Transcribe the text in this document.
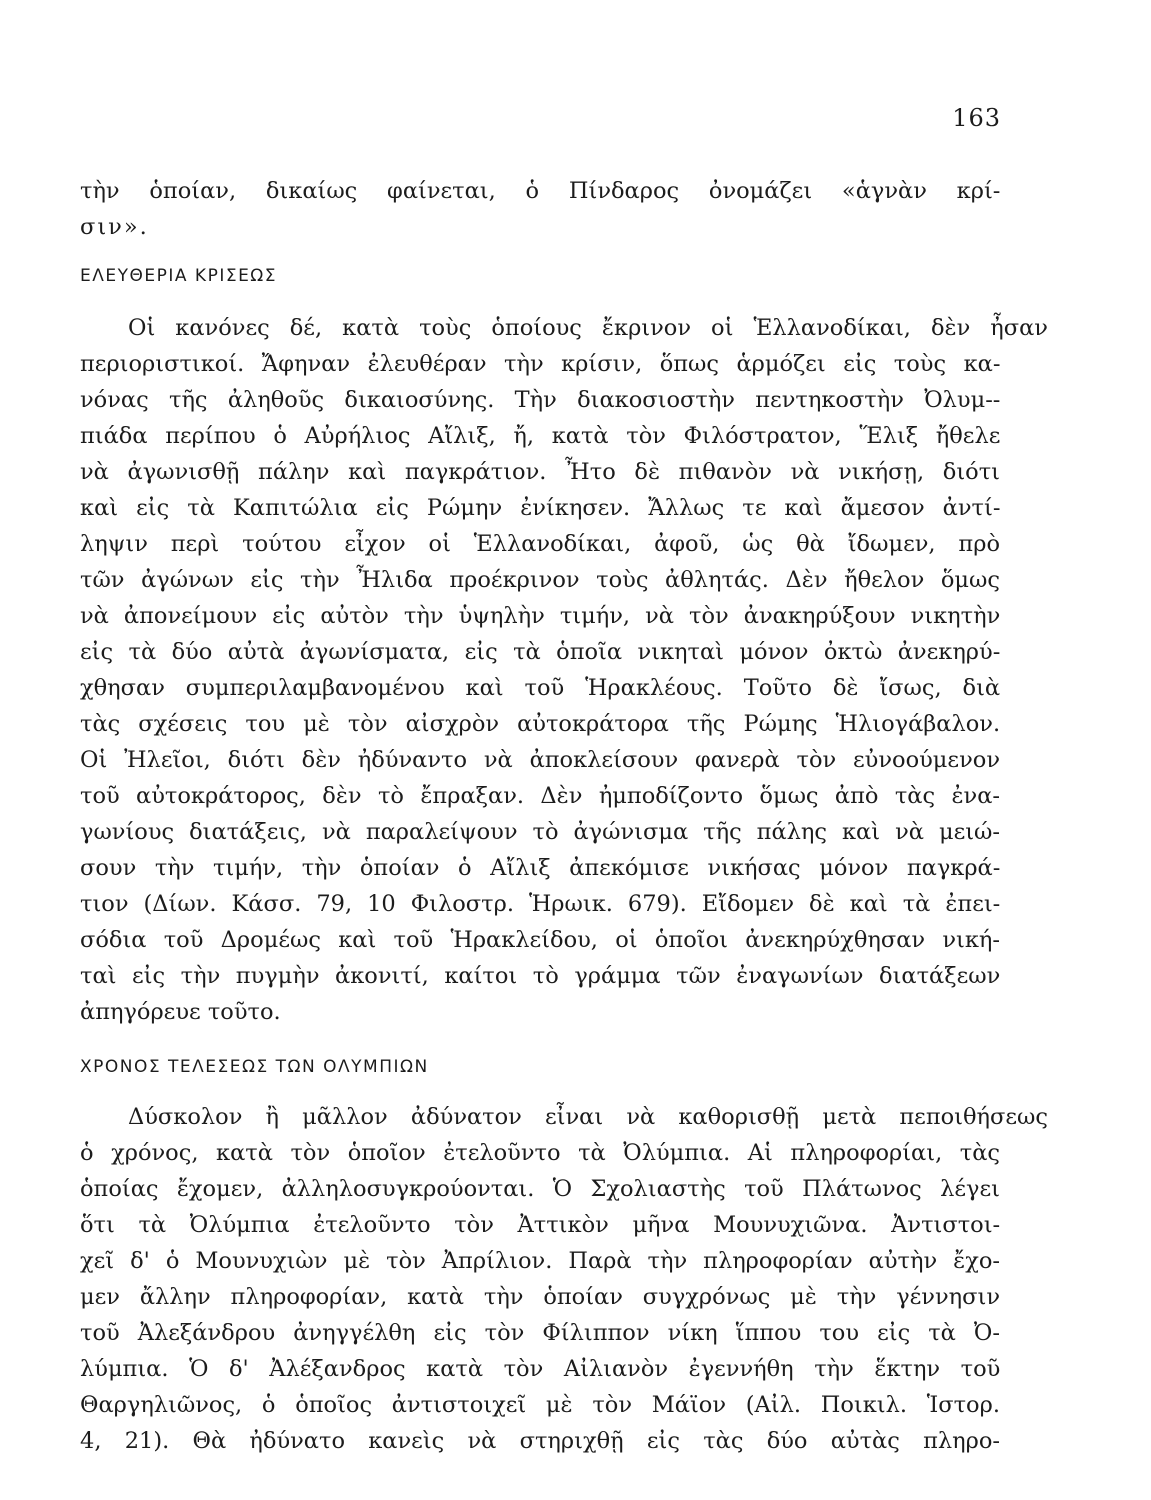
163
τὴν ὁποίαν, δικαίως φαίνεται, ὁ Πίνδαρος ὀνομάζει «ἁγνὰν κρί-
σιν».
ΕΛΕΥΘΕΡΙΑ ΚΡΙΣΕΩΣ
Οἱ κανόνες δέ, κατὰ τοὺς ὁποίους ἔκρινον οἱ Ἑλλανοδίκαι, δὲν ἦσαν
περιοριστικοί. Ἄφηναν ἐλευθέραν τὴν κρίσιν, ὅπως ἁρμόζει εἰς τοὺς κα-
νόνας τῆς ἀληθοῦς δικαιοσύνης. Τὴν διακοσιοστὴν πεντηκοστὴν Ὀλυμ--
πιάδα περίπου ὁ Αὐρήλιος Αἴλιξ, ἤ, κατὰ τὸν Φιλόστρατον, Ἕλιξ ἤθελε
νὰ ἀγωνισθῇ πάλην καὶ παγκράτιον. Ἦτο δὲ πιθανὸν νὰ νικήσῃ, διότι
καὶ εἰς τὰ Καπιτώλια εἰς Ρώμην ἐνίκησεν. Ἄλλως τε καὶ ἄμεσον ἀντί-
ληψιν περὶ τούτου εἶχον οἱ Ἑλλανοδίκαι, ἀφοῦ, ὡς θὰ ἴδωμεν, πρὸ
τῶν ἀγώνων εἰς τὴν Ἦλιδα προέκρινον τοὺς ἀθλητάς. Δὲν ἤθελον ὅμως
νὰ ἀπονείμουν εἰς αὐτὸν τὴν ὑψηλὴν τιμήν, νὰ τὸν ἀνακηρύξουν νικητὴν
εἰς τὰ δύο αὐτὰ ἀγωνίσματα, εἰς τὰ ὁποῖα νικηταὶ μόνον ὀκτὼ ἀνεκηρύ-
χθησαν συμπεριλαμβανομένου καὶ τοῦ Ἡρακλέους. Τοῦτο δὲ ἴσως, διὰ
τὰς σχέσεις του μὲ τὸν αἰσχρὸν αὐτοκράτορα τῆς Ρώμης Ἡλιογάβαλον.
Οἱ Ἠλεῖοι, διότι δὲν ἠδύναντο νὰ ἀποκλείσουν φανερὰ τὸν εὐνοούμενον
τοῦ αὐτοκράτορος, δὲν τὸ ἔπραξαν. Δὲν ἠμποδίζοντο ὅμως ἀπὸ τὰς ἐνα-
γωνίους διατάξεις, νὰ παραλείψουν τὸ ἀγώνισμα τῆς πάλης καὶ νὰ μειώ-
σουν τὴν τιμήν, τὴν ὁποίαν ὁ Αἴλιξ ἀπεκόμισε νικήσας μόνον παγκρά-
τιον (Δίων. Κάσσ. 79, 10 Φιλοστρ. Ἡρωικ. 679). Εἴδομεν δὲ καὶ τὰ ἐπει-
σόδια τοῦ Δρομέως καὶ τοῦ Ἡρακλείδου, οἱ ὁποῖοι ἀνεκηρύχθησαν νική-
ταὶ εἰς τὴν πυγμὴν ἀκονιτί, καίτοι τὸ γράμμα τῶν ἐναγωνίων διατάξεων
ἀπηγόρευε τοῦτο.
ΧΡΟΝΟΣ ΤΕΛΕΣΕΩΣ ΤΩΝ ΟΛΥΜΠΙΩΝ
Δύσκολον ἢ μᾶλλον ἀδύνατον εἶναι νὰ καθορισθῇ μετὰ πεποιθήσεως
ὁ χρόνος, κατὰ τὸν ὁποῖον ἐτελοῦντο τὰ Ὀλύμπια. Αἱ πληροφορίαι, τὰς
ὁποίας ἔχομεν, ἀλληλοσυγκρούονται. Ὁ Σχολιαστὴς τοῦ Πλάτωνος λέγει
ὅτι τὰ Ὀλύμπια ἐτελοῦντο τὸν Ἀττικὸν μῆνα Μουνυχιῶνα. Ἀντιστοι-
χεῖ δ' ὁ Μουνυχιὼν μὲ τὸν Ἀπρίλιον. Παρὰ τὴν πληροφορίαν αὐτὴν ἔχο-
μεν ἄλλην πληροφορίαν, κατὰ τὴν ὁποίαν συγχρόνως μὲ τὴν γέννησιν
τοῦ Ἀλεξάνδρου ἀνηγγέλθη εἰς τὸν Φίλιππον νίκη ἵππου του εἰς τὰ Ὀ-
λύμπια. Ὁ δ' Ἀλέξανδρος κατὰ τὸν Αἰλιανὸν ἐγεννήθη τὴν ἕκτην τοῦ
Θαργηλιῶνος, ὁ ὁποῖος ἀντιστοιχεῖ μὲ τὸν Μάϊον (Αἰλ. Ποικιλ. Ἱστορ.
4, 21). Θὰ ἠδύνατο κανεὶς νὰ στηριχθῇ εἰς τὰς δύο αὐτὰς πληρο-
